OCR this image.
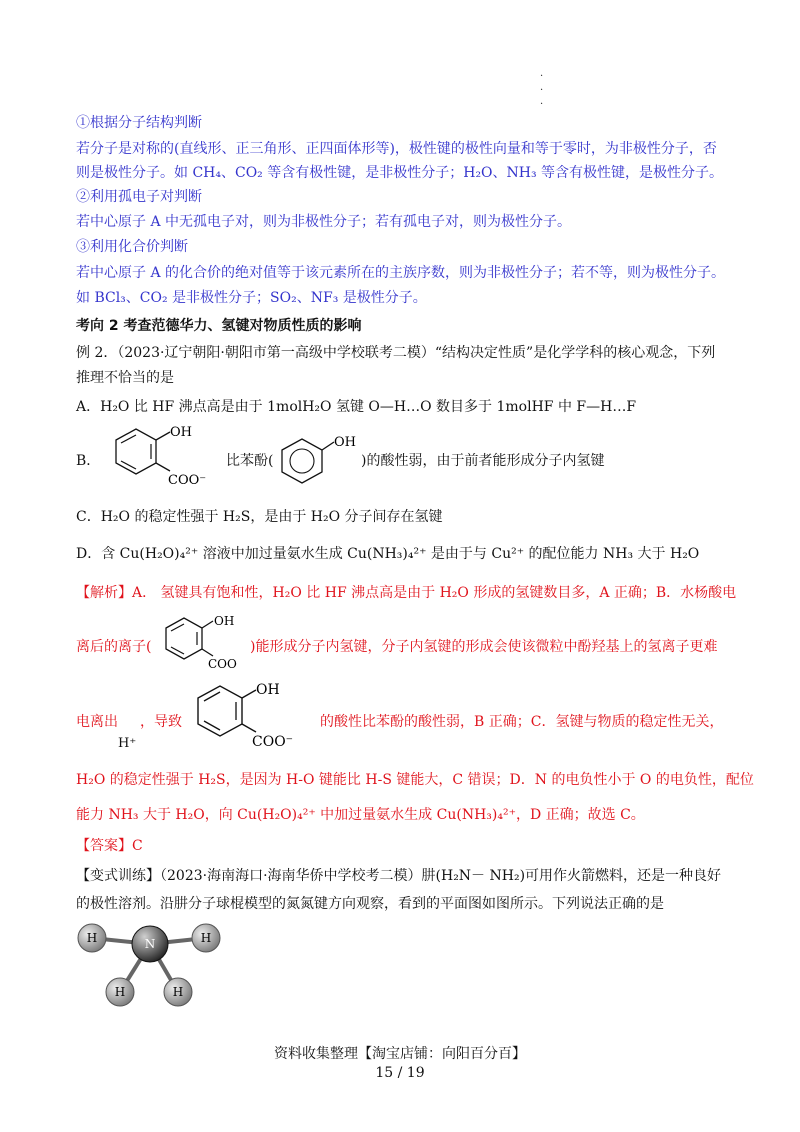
·
·
·
①根据分子结构判断
若分子是对称的(直线形、正三角形、正四面体形等)，极性键的极性向量和等于零时，为非极性分子，否
则是极性分子。如 CH₄、CO₂ 等含有极性键，是非极性分子；H₂O、NH₃ 等含有极性键，是极性分子。
②利用孤电子对判断
若中心原子 A 中无孤电子对，则为非极性分子；若有孤电子对，则为极性分子。
③利用化合价判断
若中心原子 A 的化合价的绝对值等于该元素所在的主族序数，则为非极性分子；若不等，则为极性分子。
如 BCl₃、CO₂ 是非极性分子；SO₂、NF₃ 是极性分子。
考向 2 考查范德华力、氢键对物质性质的影响
例 2．（2023·辽宁朝阳·朝阳市第一高级中学校联考二模）“结构决定性质”是化学学科的核心观念，下列
推理不恰当的是
A．H₂O 比 HF 沸点高是由于 1molH₂O 氢键 O—H…O 数目多于 1molHF 中 F—H…F
B．
OH
COO⁻
比苯酚(
OH
)的酸性弱，由于前者能形成分子内氢键
C．H₂O 的稳定性强于 H₂S，是由于 H₂O 分子间存在氢键
D．含 Cu(H₂O)₄²⁺ 溶液中加过量氨水生成 Cu(NH₃)₄²⁺ 是由于与 Cu²⁺ 的配位能力 NH₃ 大于 H₂O
【解析】A． 氢键具有饱和性，H₂O 比 HF 沸点高是由于 H₂O 形成的氢键数目多，A 正确；B．水杨酸电
离后的离子(
OH
COO
)能形成分子内氢键，分子内氢键的形成会使该微粒中酚羟基上的氢离子更难
电离出
H⁺
，导致
OH
COO⁻
的酸性比苯酚的酸性弱，B 正确；C．氢键与物质的稳定性无关，
H₂O 的稳定性强于 H₂S，是因为 H-O 键能比 H-S 键能大，C 错误；D．N 的电负性小于 O 的电负性，配位
能力 NH₃ 大于 H₂O，向 Cu(H₂O)₄²⁺ 中加过量氨水生成 Cu(NH₃)₄²⁺，D 正确；故选 C。
【答案】C
【变式训练】（2023·海南海口·海南华侨中学校考二模）肼(H₂N－ NH₂)可用作火箭燃料，还是一种良好
的极性溶剂。沿肼分子球棍模型的氮氮键方向观察，看到的平面图如图所示。下列说法正确的是
H	H
H	H
N
资料收集整理【淘宝店铺：向阳百分百】
15 / 19
